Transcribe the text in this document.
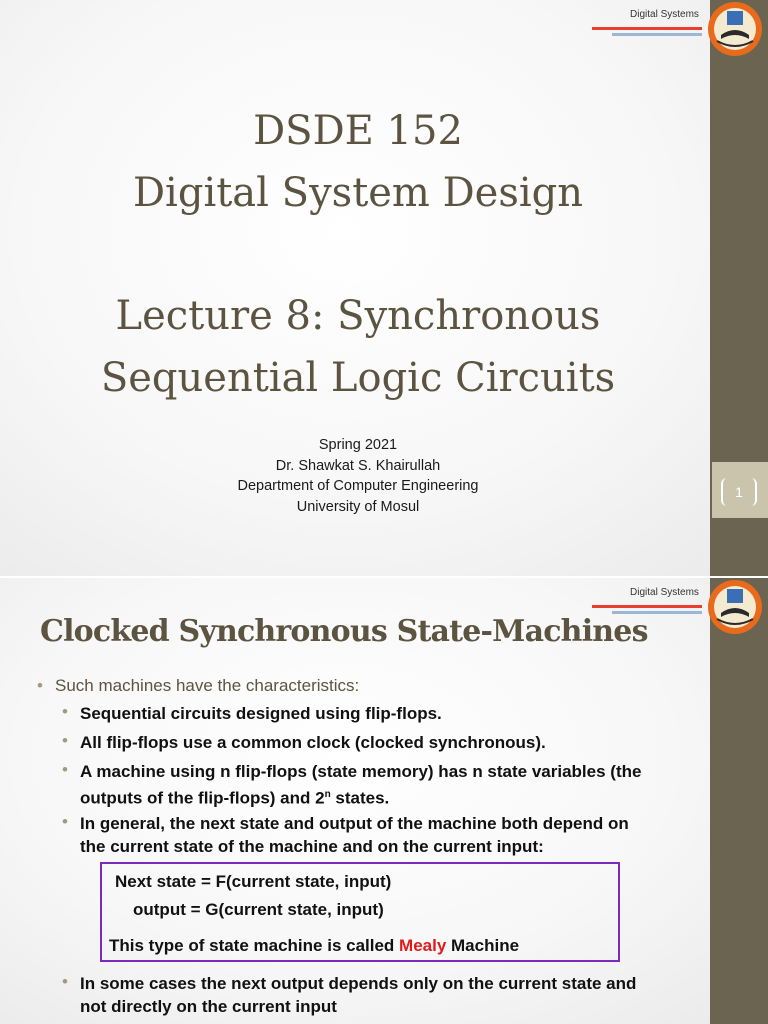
Digital Systems
DSDE 152
Digital System Design
Lecture 8: Synchronous
Sequential Logic Circuits
Spring 2021
Dr. Shawkat S. Khairullah
Department of Computer Engineering
University of Mosul
1
Digital Systems
Clocked Synchronous State-Machines
• Such machines have the characteristics:
• Sequential circuits designed using flip-flops.
• All flip-flops use a common clock (clocked synchronous).
• A machine using n flip-flops (state memory) has n state variables (the
outputs of the flip-flops) and 2$^n$ states.
• In general, the next state and output of the machine both depend on
the current state of the machine and on the current input:
Next state = F(current state, input)
output = G(current state, input)
This type of state machine is called Mealy Machine
• In some cases the next output depends only on the current state and
not directly on the current input
